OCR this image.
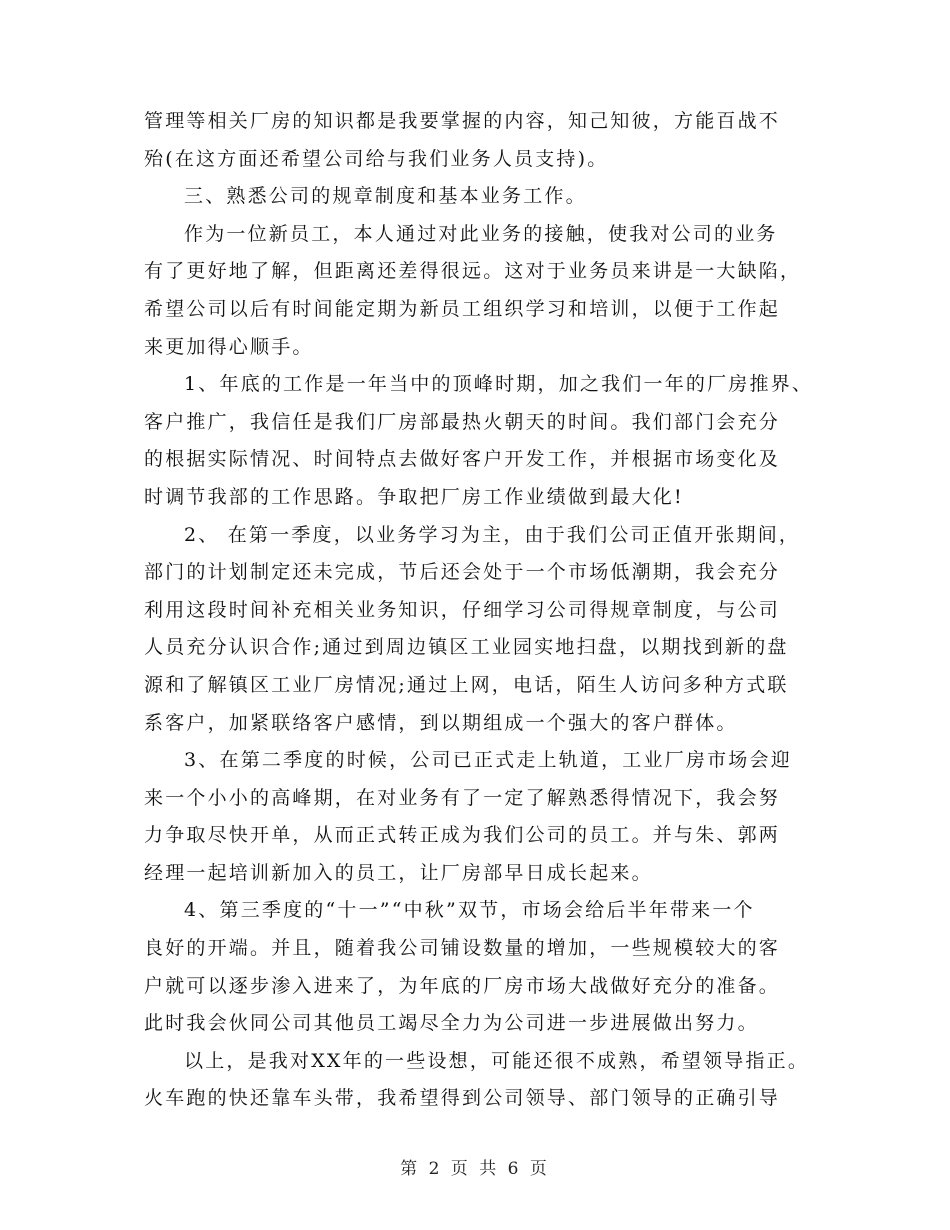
管理等相关厂房的知识都是我要掌握的内容，知己知彼，方能百战不
殆(在这方面还希望公司给与我们业务人员支持)。
三、熟悉公司的规章制度和基本业务工作。
作为一位新员工，本人通过对此业务的接触，使我对公司的业务
有了更好地了解，但距离还差得很远。这对于业务员来讲是一大缺陷，
希望公司以后有时间能定期为新员工组织学习和培训，以便于工作起
来更加得心顺手。
1、年底的工作是一年当中的顶峰时期，加之我们一年的厂房推界、
客户推广，我信任是我们厂房部最热火朝天的时间。我们部门会充分
的根据实际情况、时间特点去做好客户开发工作，并根据市场变化及
时调节我部的工作思路。争取把厂房工作业绩做到最大化!
2、 在第一季度，以业务学习为主，由于我们公司正值开张期间，
部门的计划制定还未完成，节后还会处于一个市场低潮期，我会充分
利用这段时间补充相关业务知识，仔细学习公司得规章制度，与公司
人员充分认识合作;通过到周边镇区工业园实地扫盘，以期找到新的盘
源和了解镇区工业厂房情况;通过上网，电话，陌生人访问多种方式联
系客户，加紧联络客户感情，到以期组成一个强大的客户群体。
3、在第二季度的时候，公司已正式走上轨道，工业厂房市场会迎
来一个小小的高峰期，在对业务有了一定了解熟悉得情况下，我会努
力争取尽快开单，从而正式转正成为我们公司的员工。并与朱、郭两
经理一起培训新加入的员工，让厂房部早日成长起来。
4、第三季度的“十一”“中秋”双节，市场会给后半年带来一个
良好的开端。并且，随着我公司铺设数量的增加，一些规模较大的客
户就可以逐步渗入进来了，为年底的厂房市场大战做好充分的准备。
此时我会伙同公司其他员工竭尽全力为公司进一步进展做出努力。
以上，是我对XX年的一些设想，可能还很不成熟，希望领导指正。
火车跑的快还靠车头带，我希望得到公司领导、部门领导的正确引导
第 2 页 共 6 页
